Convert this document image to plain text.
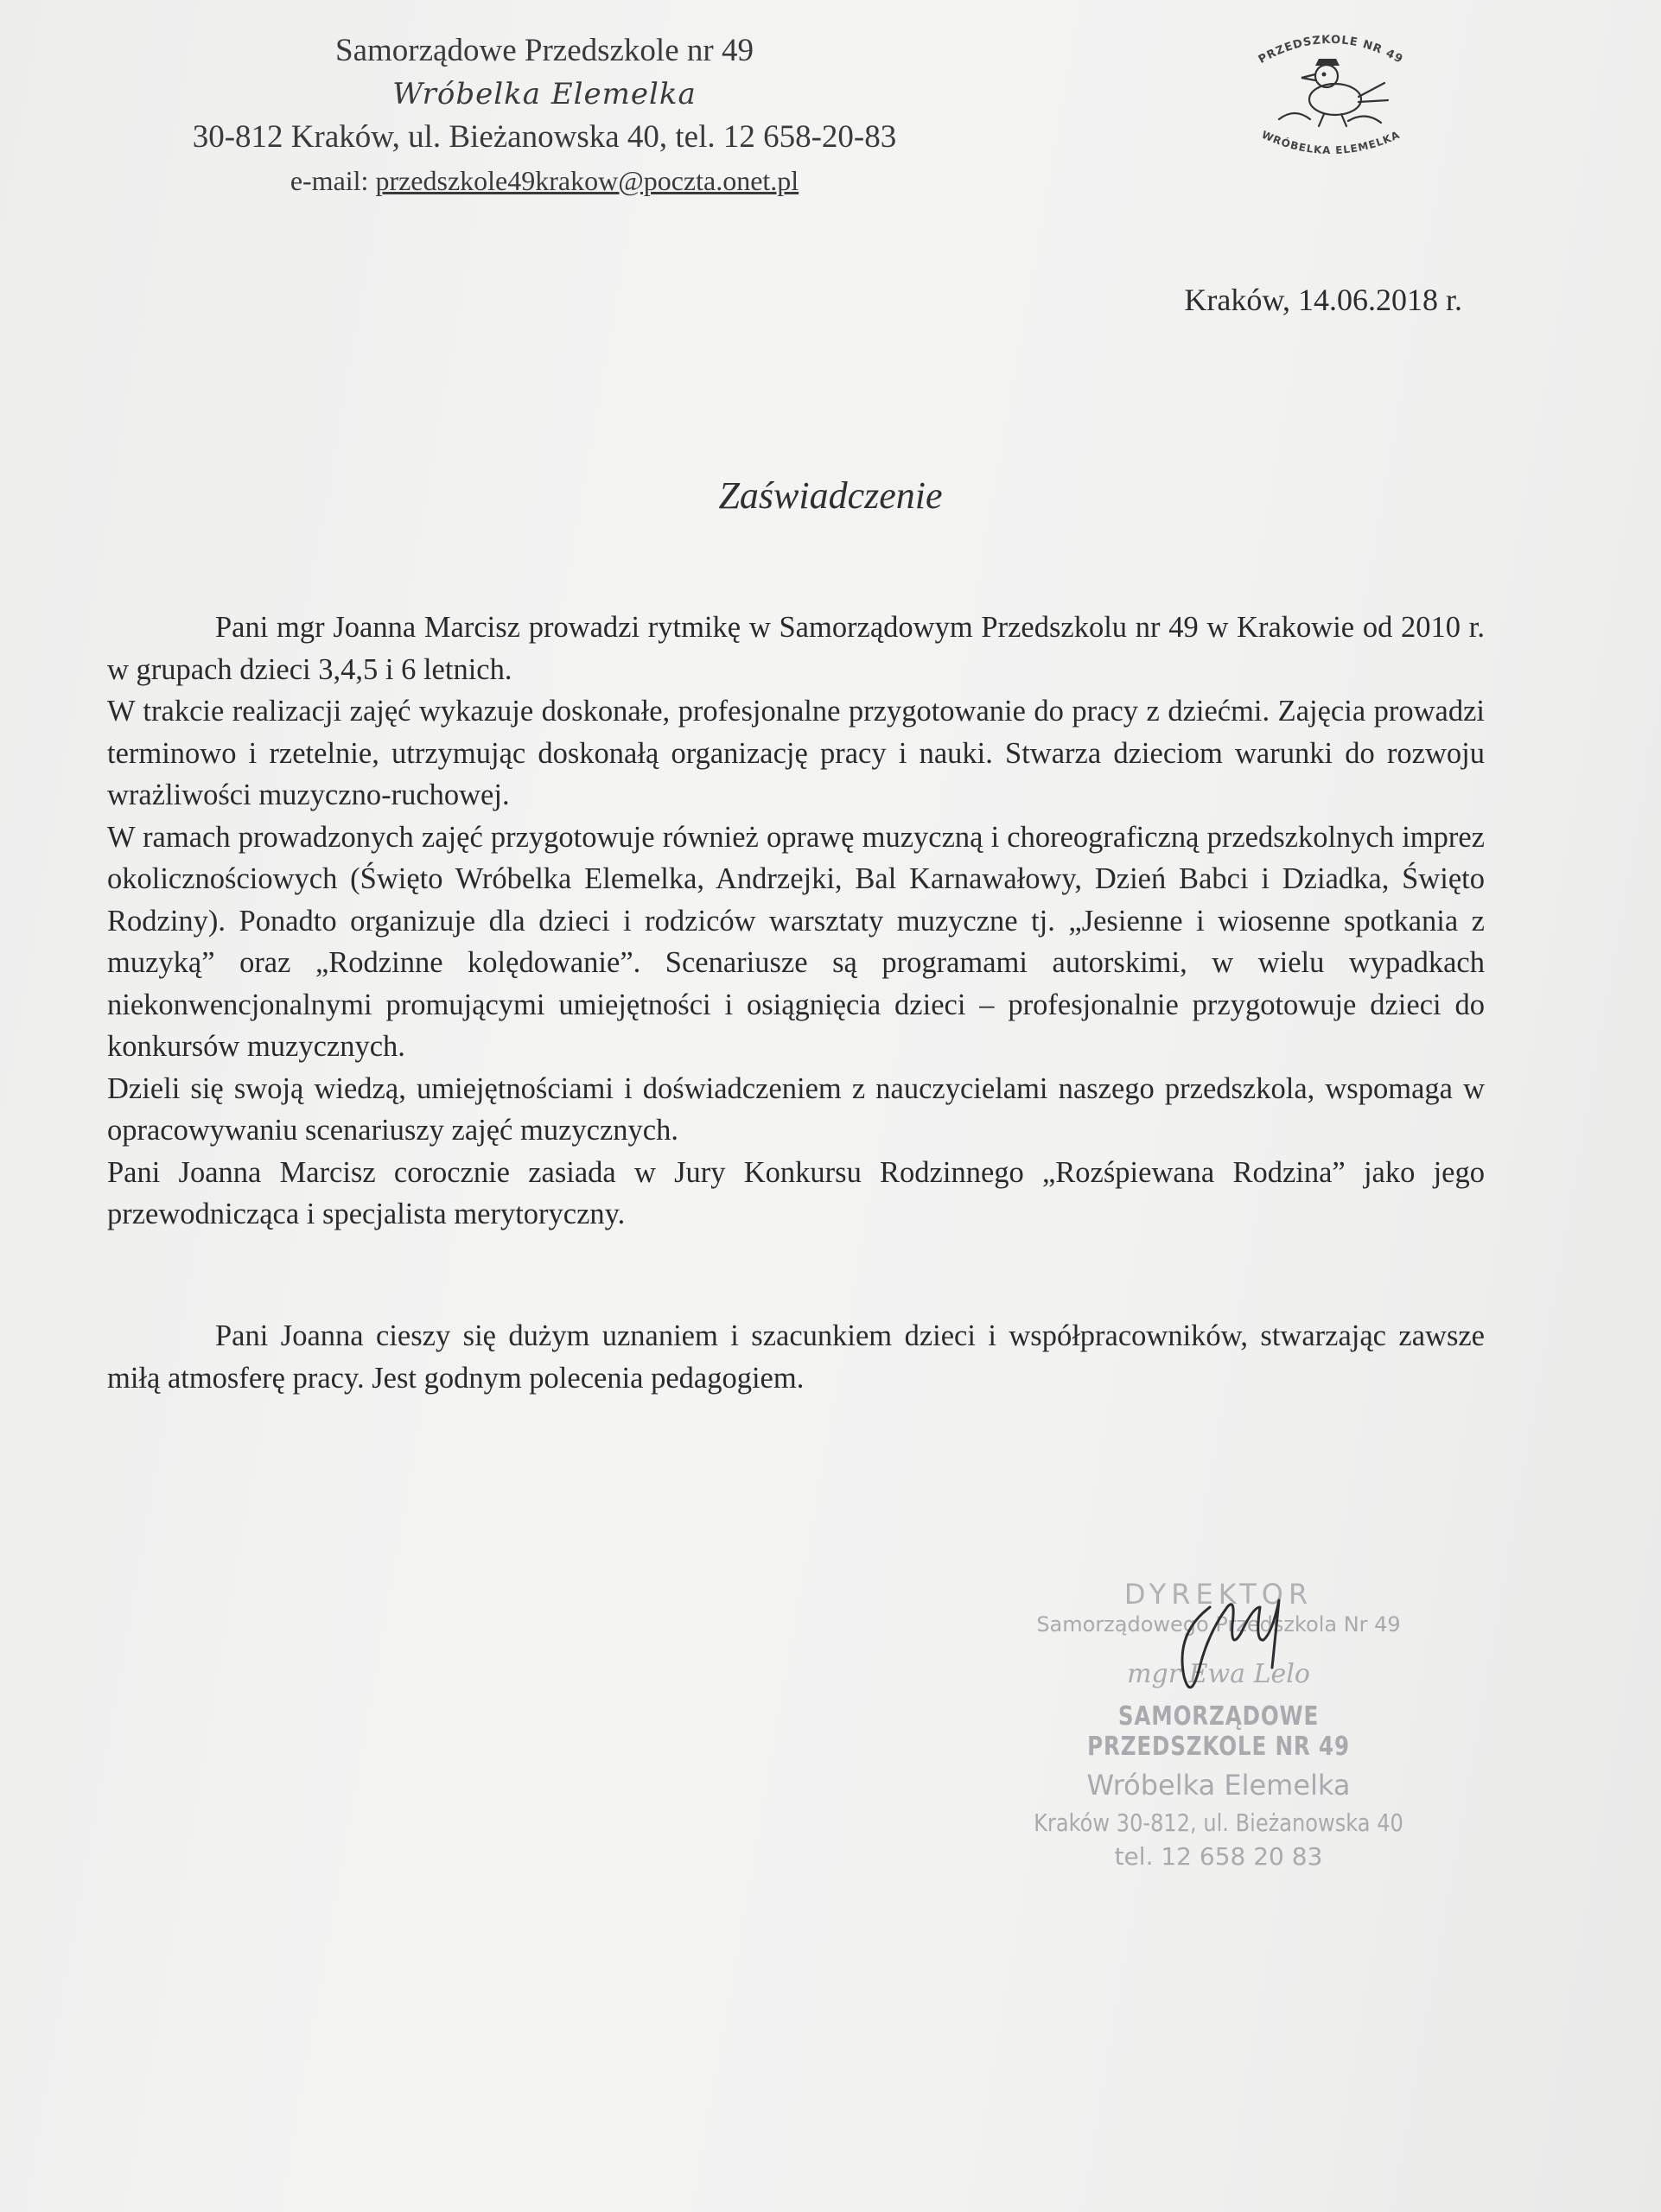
Samorządowe Przedszkole nr 49
Wróbelka Elemelka
30-812 Kraków, ul. Bieżanowska 40, tel. 12 658-20-83
e-mail: przedszkole49krakow@poczta.onet.pl
PRZEDSZKOLE NR 49
WRÓBELKA ELEMELKA
Kraków, 14.06.2018 r.
Zaświadczenie

Pani mgr Joanna Marcisz prowadzi rytmikę w Samorządowym Przedszkolu nr 49 w Krakowie od 2010 r. w grupach dzieci 3,4,5 i 6 letnich.

W trakcie realizacji zajęć wykazuje doskonałe, profesjonalne przygotowanie do pracy z dziećmi. Zajęcia prowadzi terminowo i rzetelnie, utrzymując doskonałą organizację pracy i nauki. Stwarza dzieciom warunki do rozwoju wrażliwości muzyczno-ruchowej.

W ramach prowadzonych zajęć przygotowuje również oprawę muzyczną i choreograficzną przedszkolnych imprez okolicznościowych (Święto Wróbelka Elemelka, Andrzejki, Bal Karnawałowy, Dzień Babci i Dziadka, Święto Rodziny). Ponadto organizuje dla dzieci i rodziców warsztaty muzyczne tj. „Jesienne i wiosenne spotkania z muzyką” oraz „Rodzinne kolędowanie”. Scenariusze są programami autorskimi, w wielu wypadkach niekonwencjonalnymi promującymi umiejętności i osiągnięcia dzieci – profesjonalnie przygotowuje dzieci do konkursów muzycznych.

Dzieli się swoją wiedzą, umiejętnościami i doświadczeniem z nauczycielami naszego przedszkola, wspomaga w opracowywaniu scenariuszy zajęć muzycznych.

Pani Joanna Marcisz corocznie zasiada w Jury Konkursu Rodzinnego „Rozśpiewana Rodzina” jako jego przewodnicząca i specjalista merytoryczny.

Pani Joanna cieszy się dużym uznaniem i szacunkiem dzieci i współpracowników, stwarzając zawsze miłą atmosferę pracy. Jest godnym polecenia pedagogiem.

DYREKTOR
Samorządowego Przedszkola Nr 49
mgr Ewa Lelo
SAMORZĄDOWE PRZEDSZKOLE NR 49
Wróbelka Elemelka
Kraków 30-812, ul. Bieżanowska 40
tel. 12 658 20 83
